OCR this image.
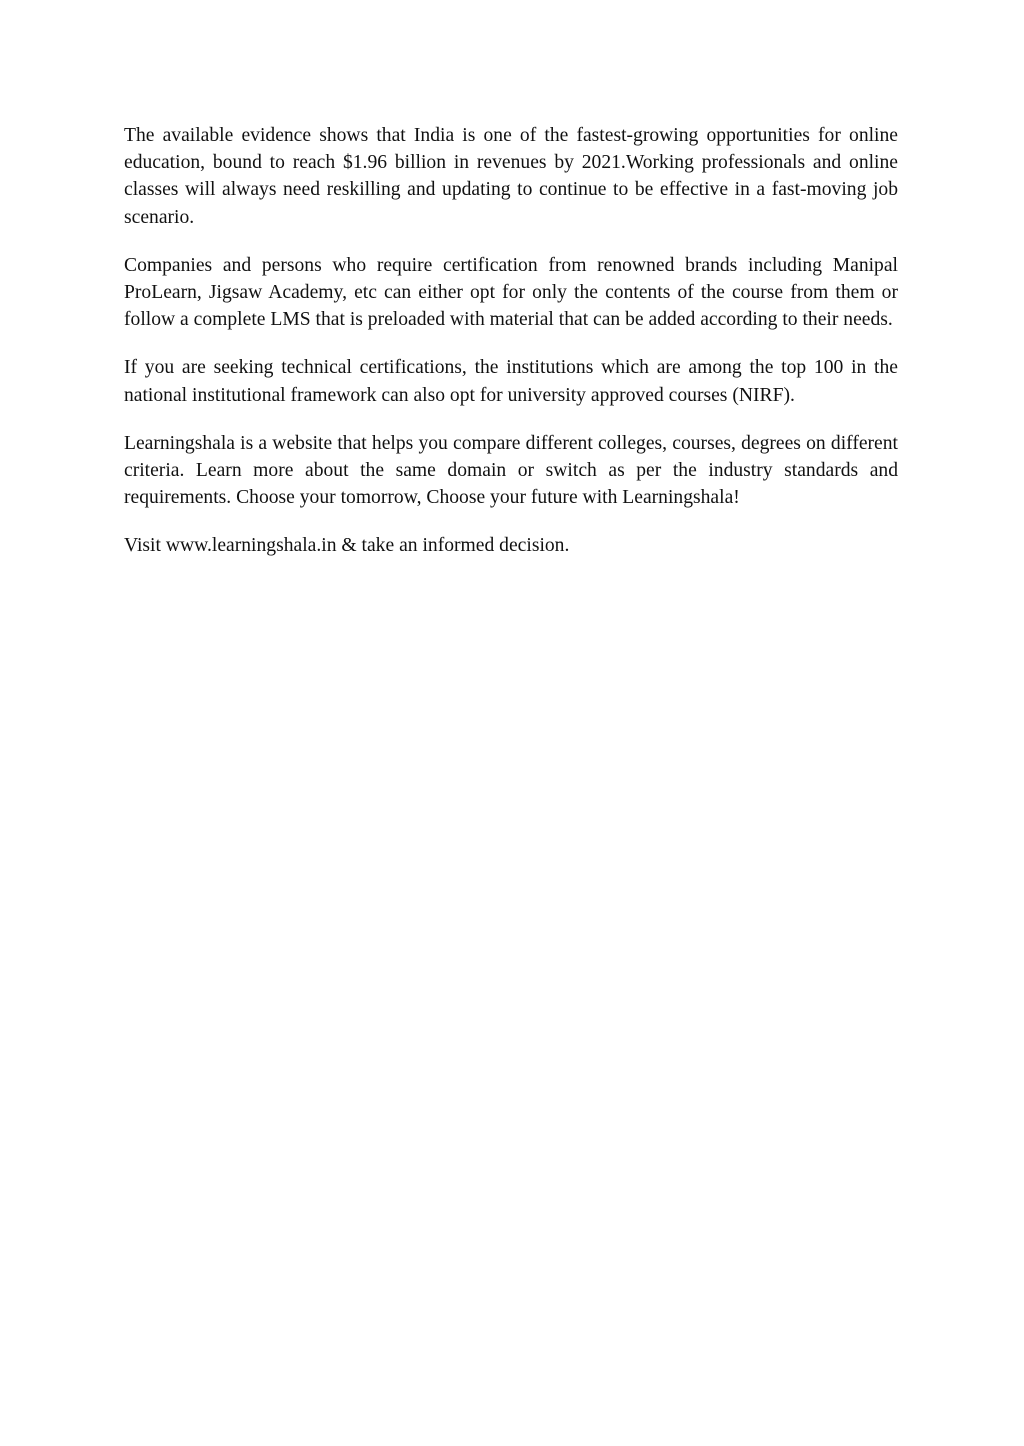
The available evidence shows that India is one of the fastest-growing opportunities for online education, bound to reach $1.96 billion in revenues by 2021.Working professionals and online classes will always need reskilling and updating to continue to be effective in a fast-moving job scenario.

Companies and persons who require certification from renowned brands including Manipal ProLearn, Jigsaw Academy, etc can either opt for only the contents of the course from them or follow a complete LMS that is preloaded with material that can be added according to their needs.

If you are seeking technical certifications, the institutions which are among the top 100 in the national institutional framework can also opt for university approved courses (NIRF).

Learningshala is a website that helps you compare different colleges, courses, degrees on different criteria. Learn more about the same domain or switch as per the industry standards and requirements. Choose your tomorrow, Choose your future with Learningshala!

Visit www.learningshala.in & take an informed decision.
